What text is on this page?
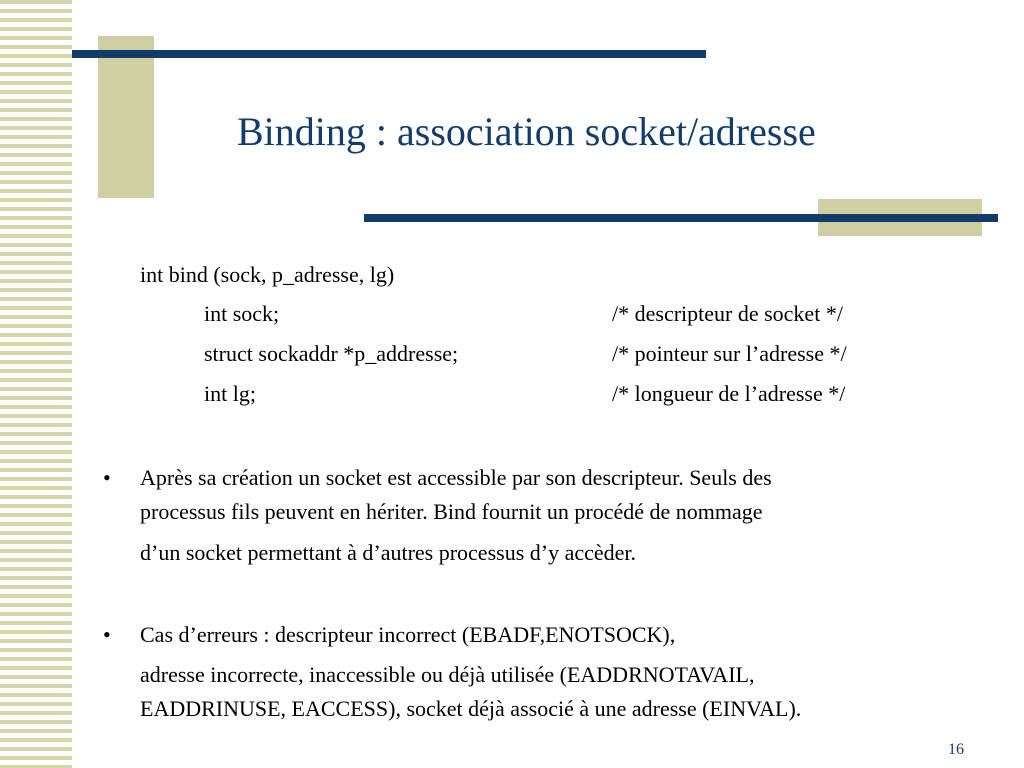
Binding : association socket/adresse
int bind (sock, p_adresse, lg)
int sock;	/* descripteur de socket */
struct sockaddr *p_addresse;	/* pointeur sur l’adresse */
int lg;	/* longueur de l’adresse */
• Après sa création un socket est accessible par son descripteur. Seuls des
processus fils peuvent en hériter. Bind fournit un procédé de nommage
d’un socket permettant à d’autres processus d’y accèder.
• Cas d’erreurs : descripteur incorrect (EBADF,ENOTSOCK),
adresse incorrecte, inaccessible ou déjà utilisée (EADDRNOTAVAIL,
EADDRINUSE, EACCESS), socket déjà associé à une adresse (EINVAL).
16
